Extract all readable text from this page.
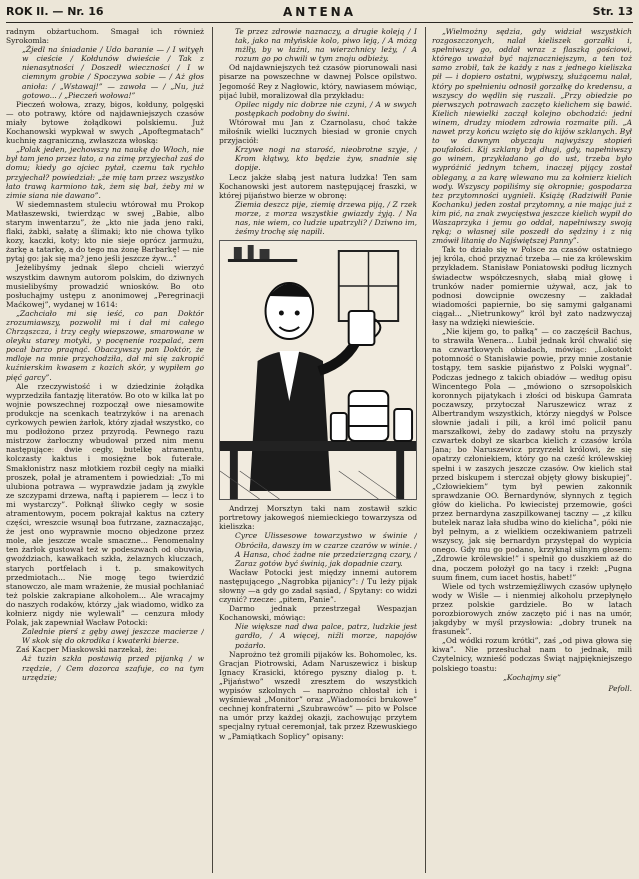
ROK II. — Nr. 16	ANTENA	Str. 13

radnym obżartuchom. Smagał ich również Syrokomla:

„Żjedl na śniadanie / Udo baranie — / I wityęh w cieście / Kołdunów dwieście / Tak z nienasytności / Doszedł wieczności / I w ciemnym grobie / Spoczywa sobie — / Aż głos anioła: / „Wstawaj!” — zawoła — / „Nu, już gotowo... / „Pieczeń wołowa!”

Pieczeń wołowa, zrazy, bigos, kołduny, polgęski — oto potrawy, które od najdawniejszych czasów miały bytowe żołądkowi polskiemu. Już Kochanowski wypkwał w swych „Apoftegmatach” kuchnię zagraniczną, zwłaszcza włoską:

„Polak jeden, jechowszy na naukę do Włoch, nie był tam jeno przez łato, a na zimę przyjechał zaś do domu; kiedy go ojciec pytał, czemu tak rychło przyjechał? powiedział: „że mię tam przez wszystko łato trawą karmiono tak, żem się bał, żeby mi w zimie siana nie dawano”.

W siedemnastem stuleciu wtórował mu Prokop Matłaszewski, twierdząc w swej „Babie, albo starym inwentarzu”, że „kto nie jada jeno raki, flaki, żabki, sałatę a ślimaki; kto nie chowa tylko kozy, kaczki, koty; kto nie sieje oprócz jarmużu, żarkę a tatarkę, a do tego ma żonę Barbarkę! — nie pytaj go: jak się ma? jeno jeśli jeszcze żyw...”

Jeżelibyśmy jednak ślepo chcieli wierzyć wszystkim dawnym autorom polskim, do dziwnych musielibyśmy prowadzić wniosków. Bo oto posłuchajmy ustępu z anonimowej „Peregrinacji Maćkowej”, wydanej w 1614:

„Zachciało mi się ieść, co pan Doktór zrozumiawszy, pozwolił mi i dał mi całego Chrząszcza, i trzy cegły wiepszowe, smarowane w oleyku starey motyki, y pocęnenie rozpalać, zem pocał barzo praqnąć. Obaczywszy pan Doktór, że mdloje na mnie przychodziła, dał mi się zakropić kuźnierskim kwasem z kozich skór, y wypiłem go pięć garcy”.

Ale rzeczywistość i w dziedzinie żołądka wyprzedziła fantazję literatów. Bo oto w kilka lat po wojnie powszechnej rozpoczął owe niesamowite produkcje na scenkach teatrzyków i na arenach cyrkowych pewien żarłok, który zjadał wszystko, co mu podłożono przez przyrodą. Pewnego razu mistrzow żarłoczny wbudował przed nim menu następujące: dwie cegły, butelkę atramentu, kolczasty kaktus i mosiężne bok futerałe. Smakłonistrz nasz młotkiem rozbił cegły na miałki proszek, połał je atramentem i powiedział: „To mi ulubiona potrawa — wyprawdzie jadam ją zwykle ze szczypami drzewa, naftą i papierem — lecz i to mi wystarczy”. Połknął śliwko cegły w sosie atramentowym, pocem pokrajał kaktus na cztery części, wreszcie wsunął boa futrzane, zaznaczając, że jest ono wyprawnie mocno objedzone przez mole, ale jeszcze wcale smaczne... Fenomenalny ten żarłok gustował też w podeszwach od obuwia, gwoździach, kawałkach szkła, żelaznych kluczach, starych portfelach i t. p. smakowitych przedmiotach... Nie mogę tego twierdzić stanowczo, ale mam wrażenie, że musiał pochłaniać też polskie zakrapiane alkoholem... Ale wracajmy do naszych rodaków, którzy „jak wiadomo, widko za kołnierz nigdy nie wylewali” — cenzura młody Polak, jak zapewniał Wacław Potocki:

Zalednie pierś z gęby awej jeszcze macierze / W skok się do okrodika i kwaterki bierze.

Zaś Kacper Miaskowski narzekał, że:

Aż tuzin szkła postawią przed pijanką / w rzędzie, / Cem dozorca szafuje, co na tym urzędzie;

Te przez zdrowie naznaczy, a drugie kolejq / I tak, jako na młyńskie kolo, piwo leją, / A mózg mżlły, by w łaźni, na wierzchnicy leży, / A rozum go po chwili w tym znoju odbieży.

Od najdawniejszych też czasów piorunowali nasi pisarze na powszechne w dawnej Polsce opilstwo. Jegomość Rey z Nagłowic, który, nawiasem mówiąc, pijać lubił, moralizował dla przykładu:

Opilec nigdy nic dobrze nie czyni, / A w swych postępkach podobny do świni.

Wtórował mu Jan z Czarnolasu, choć także miłośnik wielki lucznych biesiad w gronie cnych przyjaciół:

Krzywe nogi na starość, nieobrotne szyje, / Krom kłątwy, kto będzie żyw, snadnie się dopije.

Lecz jakże słabą jest natura ludzka! Ten sam Kochanowski jest autorem następującej fraszki, w której pijaństwo bierze w obronę:

Ziemia deszcz pije, ziemię drzewa piją, / Z rzek morze, z morza wszystkie gwiazdy żyją. / Na nas, nie wiem, co ludzie upatrzyli? / Dziwno im, żeśmy trochę się napili.

Andrzej Morsztyn taki nam zostawił szkic portretowy jakowegoś niemieckiego towarzysza od kieliszka:

Cyrce Ulissesowe towarzystwo w świnie / Obróciła, dawszy im w czarze czarów w winie. / A Hansa, choć żadne nie przedzierzgną czary, / Zaraz gotów być świnią, jak dopadnie czary.

Wacław Potocki jest między innemi autorem następującego „Nagrobka pijanicy”: / Tu leży pijak słowny —a gdy go zadał sąsiad, / Spytany: co widzi czynić? rzecze: „pitem, Panie”.

Darmo jednak przestrzegał Wespazjan Kochanowski, mówiąc:

Nie większe nad dwa palce, patrz, ludzkie jest gardło, / A więcej, niźli morze, napojów pożarło.

Naprożno też gromili pijaków ks. Bohomolec, ks. Gracjan Piotrowski, Adam Naruszewicz i biskup Ignacy Krasicki, którego pyszny dialog p. t. „Pijaństwo” wszedł zresztem do wszystkich wypisów szkolnych — naprożno chłostał ich i wyśmiewał „Monitor” oraz „Wiadomości brukowe” cechnej konfraterni „Szubrawców” — pito w Polsce na umór przy każdej okazji, zachowując przytem specjalny rytuał ceremonjał, tak przez Rzewuskiego w „Pamiątkach Soplicy” opisany:

„Wielmożny sędzia, gdy widział wszystkich rozgoszczonych, nalał kieliszek gorzałki i, spełniwszy go, oddał wraz z flaszką gościowi, którego uważał być najznaczniejszym, a ten toż samo zrobił, tak że każdy z nas z jednego kieliszka pił — i dopiero ostatni, wypiwszy, służącemu nalał, który po spełnieniu odnosił gorzałkę do kredensu, a wszyscy do wędlin się ruszali. „Przy obiedzie po pierwszych potrawach zaczęto kielichem się bawić. Kielich niewielki zaczął kolejno obchodzić: jedni winem, drudzy miodem zdrowia rozmaite pili. „A nawet przy końcu wzięto się do kijów szklanych. Był to w dawnym obyczaju najwyższy stopień poufałości. Kij szklany był długi, gdy, napełniwszy go winem, przykładano go do ust, trzeba było wypróżnić jednym tchem, inaczej pijący został oblegany, a za karę wlewano mu za kołnierz kielich wody. Wszyscy popiliśmy się okropnie; gospodarza tez przytomności uygnieli. Książę (Radziwiłł Panie Kochanku) jeden został przytomny, a nie mając już z kim pić, na znak zwycięstwa jeszcze kielich wypił do Waszaprzyka i jemu go oddał, napełniwszy swoją ręką; o własnej sile poszedł do sędziny i z nią zmówił litanię do Najświętszej Panny”.

Tak to działo się w Polsce za czasów ostatniego jej króla, choć przyznać trzeba — nie za królewskim przykładem. Stanisław Poniatowski podług licznych świadectw współczesnych, słabą miał głowę i trunków nader pomiernie używał, acz, jak to podnosi dowcipnie owczesny — zakładał wiadomości papiernie, bo się samymi gałganami ciągał... „Nietrunkowy” król był zato nadzwyczaj łasy na wdzięki niewieście.

„Nie kijem go, to pałką” — co zaczęścił Bachus, to strawiła Wenera... Lubił jednak król chwalić się na czwartkowych obiadach, mówiąc: „Lokotokt potomność o Stanisławie powie, przy mnie zostanie tostąpy, tem saskie pijaństwo z Polski wygnał”. Podczas jednego z takich obiadów — według opisu Wincentego Pola — „mówiono o szrsopolskich koronnych pijatykach i złości od biskupa Gamrata poczawszy, przytoczał Naruszewicz wraz z Albertrandym wszystkich, którzy niegdyś w Polsce słownie jadali i pili, a król imć policił panu marszałkowi, żeby do zadawy stołu na przyszły czwartek dobył ze skarbca kielich z czasów króla Jana; bo Naruszewicz przyrzekł królowi, że się opatrzy członiekiem, który go na cześć królewskiej spełni i w zaszych jeszcze czasów. Ow kielich stał przed biskupem i sterczał objęty głowy biskupiej”. „Człowiekiem” tym był pewien zakonnik sprawdzanie OO. Bernardynów, słynnych z tęgich głów do kielicha. Po kwiecistej przemowie, gości przez bernardyna zaszpilkowanej taczny — „z kilku butelek naraz lała słudba wino do kielicha”, póki nie był pełnym, a z wielkiem oczekiwaniem patrzeli wszyscy, jak się bernardyn przystępał do wypicia onego. Gdy mu go podano, krzyknął silnym głosem: „Zdrowie królewskie!” i spełnił go duszkiem aż do dna, poczem położył go na tacy i rzekł: „Pugna suum finem, cum iacet hostis, habet!”

Wiele od tych wstrzemięźliwych czasów upłynęło wody w Wiśle — i nienmiej alkoholu przepłynęło przez polskie gardziele. Bo w latach porozbiorowych znów zaczęto pić i nas na umór, jakgdyby w myśl przysłowia: „dobry trunek na frasunek”.

„Od wódki rozum krótki”, zaś „od piwa głowa się kiwa”. Nie przesłuchał nam to jednak, mili Czytelnicy, wznieść podczas Świąt najpiękniejszego polskiego toastu:

„Kochajmy się”

Pefoll.
